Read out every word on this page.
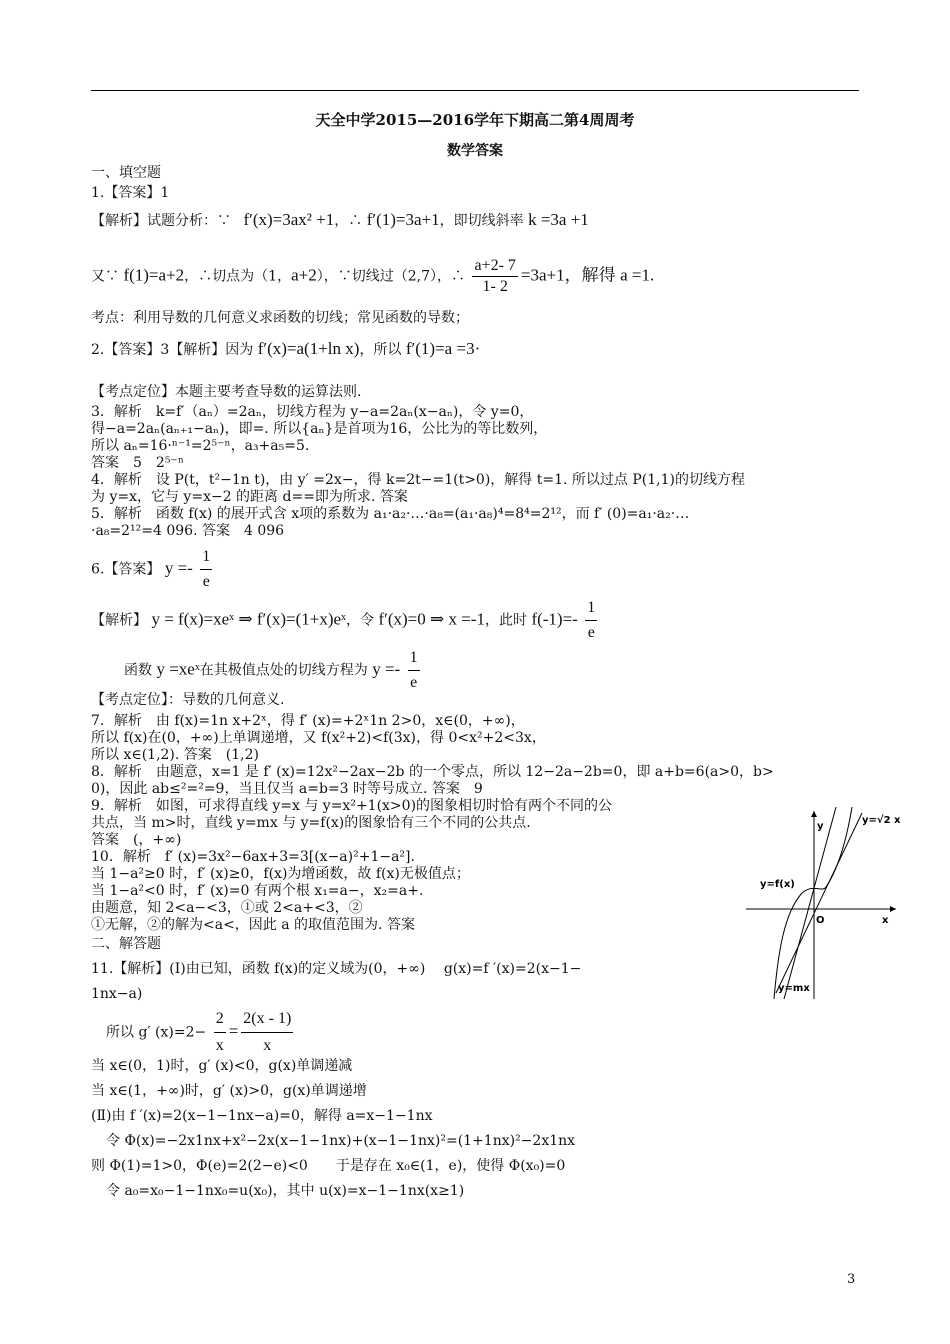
天全中学2015—2016学年下期高二第4周周考
数学答案
一、填空题
1.【答案】1
【解析】试题分析：∵ f′(x)=3ax² +1，∴ f′(1)=3a+1，即切线斜率 k =3a +1
又∵ f(1)=a+2，∴切点为（1，a+2），∵切线过（2,7），∴ $\frac{a+2- 7}{1- 2} =3a+1$，解得 a =1.
考点：利用导数的几何意义求函数的切线；常见函数的导数；
2.【答案】3【解析】因为 f′(x)=a(1+ln x)，所以 f′(1)=a =3·
【考点定位】本题主要考查导数的运算法则.
3．解析　k=f′（aₙ）=2aₙ，切线方程为 y−a=2aₙ(x−aₙ)，令 y=0，
得−a=2aₙ(aₙ₊₁−aₙ)，即=. 所以{aₙ}是首项为16，公比为的等比数列，
所以 aₙ=16·ⁿ⁻¹=2⁵⁻ⁿ，a₃+a₅=5.
答案　5　2⁵⁻ⁿ
4．解析　设 P(t，t²−1n t)，由 y′ =2x−，得 k=2t−=1(t>0)，解得 t=1. 所以过点 P(1,1)的切线方程
为 y=x，它与 y=x−2 的距离 d==即为所求. 答案
5．解析　函数 f(x) 的展开式含 x项的系数为 a₁·a₂·…·a₈=(a₁·a₈)⁴=8⁴=2¹²，而 f′ (0)=a₁·a₂·…
·a₈=2¹²=4 096. 答案　4 096
6.【答案】 $y =- \frac{1}{e}$
【解析】 y = f(x)=xeˣ ⇒ f′(x)=(1+x)eˣ，令 f′(x)=0 ⇒ x =-1，此时 $f(-1)=- \frac{1}{e}$
函数 y =xeˣ在其极值点处的切线方程为 $y =- \frac{1}{e}$
【考点定位】：导数的几何意义.
7．解析　由 f(x)=1n x+2ˣ，得 f′ (x)=+2ˣ1n 2>0，x∈(0，+∞)，
所以 f(x)在(0，+∞)上单调递增，又 f(x²+2)<f(3x)，得 0<x²+2<3x，
所以 x∈(1,2). 答案　(1,2)
8．解析　由题意，x=1 是 f′ (x)=12x²−2ax−2b 的一个零点，所以 12−2a−2b=0，即 a+b=6(a>0，b>
0)，因此 ab≤²=²=9，当且仅当 a=b=3 时等号成立. 答案　9
9．解析　如图，可求得直线 y=x 与 y=x²+1(x>0)的图象相切时恰有两个不同的公
共点，当 m>时，直线 y=mx 与 y=f(x)的图象恰有三个不同的公共点.
答案　(，+∞)
10．解析　f′ (x)=3x²−6ax+3=3[(x−a)²+1−a²].
当 1−a²≥0 时，f′ (x)≥0，f(x)为增函数，故 f(x)无极值点；
当 1−a²<0 时，f′ (x)=0 有两个根 x₁=a−，x₂=a+.
由题意，知 2<a−<3，①或 2<a+<3，②
①无解，②的解为<a<，因此 a 的取值范围为. 答案
二、解答题
11.【解析】(Ⅰ)由已知，函数 f(x)的定义域为(0，+∞)　 g(x)=f ′(x)=2(x−1−
1nx−a)
所以 g′ $(x)=2- \frac{2}{x} = \frac{2(x - 1)}{x}$
当 x∈(0，1)时，g′ (x)<0，g(x)单调递减
当 x∈(1，+∞)时，g′ (x)>0，g(x)单调递增
(Ⅱ)由 f ′(x)=2(x−1−1nx−a)=0，解得 a=x−1−1nx
令 Φ(x)=−2x1nx+x²−2x(x−1−1nx)+(x−1−1nx)²=(1+1nx)²−2x1nx
则 Φ(1)=1>0，Φ(e)=2(2−e)<0　　于是存在 x₀∈(1，e)，使得 Φ(x₀)=0
令 a₀=x₀−1−1nx₀=u(x₀)，其中 u(x)=x−1−1nx(x≥1)
y
x
O
y=√2 x
y=f(x)
y=mx
3
